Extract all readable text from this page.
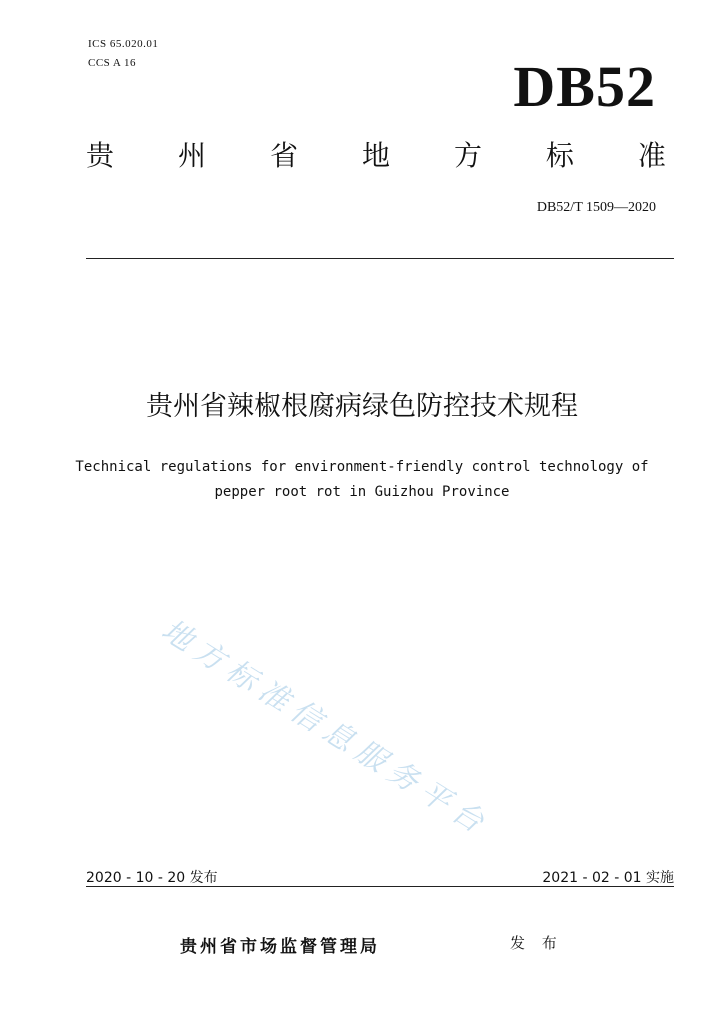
ICS 65.020.01
CCS A 16	DB52
贵 州 省 地 方 标 准
DB52/T 1509—2020
贵州省辣椒根腐病绿色防控技术规程
Technical regulations for environment-friendly control technology of
pepper root rot in Guizhou Province
地方标准信息服务平台
2020 - 10 - 20 发布	2021 - 02 - 01 实施
贵州省市场监督管理局	发 布
